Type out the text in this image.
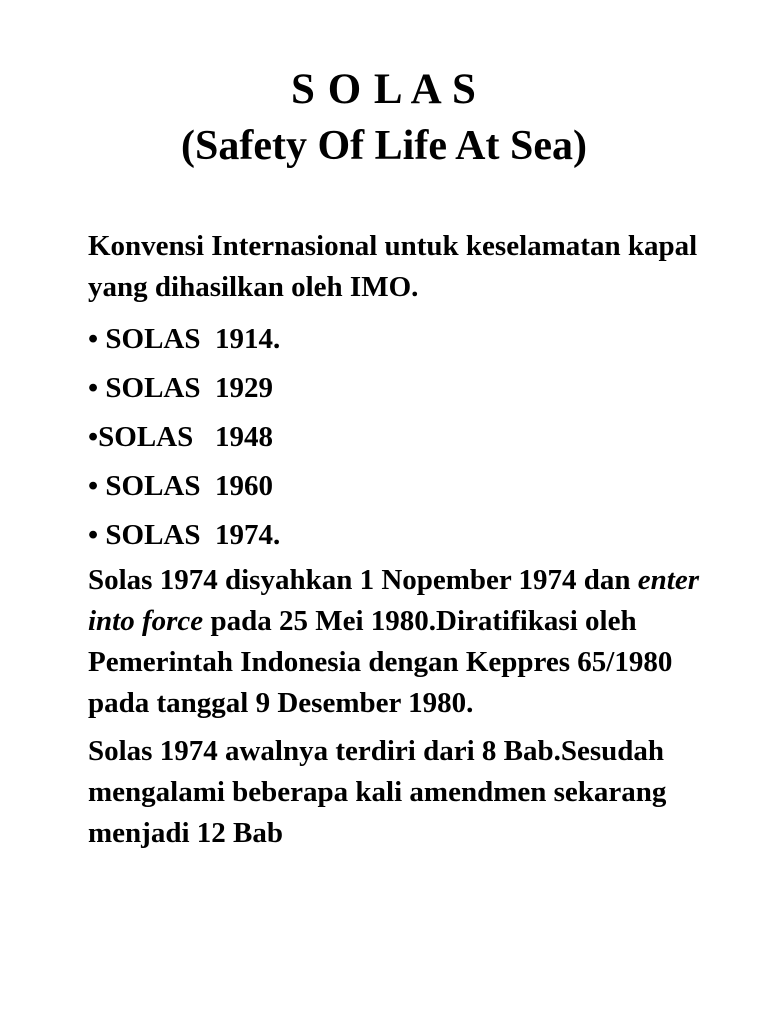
S O L A S
(Safety Of Life At Sea)

Konvensi Internasional untuk keselamatan kapal yang dihasilkan oleh IMO.

• SOLAS  1914.
• SOLAS  1929
•SOLAS   1948
• SOLAS  1960
• SOLAS  1974.

Solas 1974 disyahkan 1 Nopember 1974 dan enter into force pada 25 Mei 1980.Diratifikasi oleh Pemerintah Indonesia dengan Keppres 65/1980 pada tanggal 9 Desember 1980.

Solas 1974 awalnya terdiri dari 8 Bab.Sesudah mengalami beberapa kali amendmen sekarang menjadi 12 Bab
